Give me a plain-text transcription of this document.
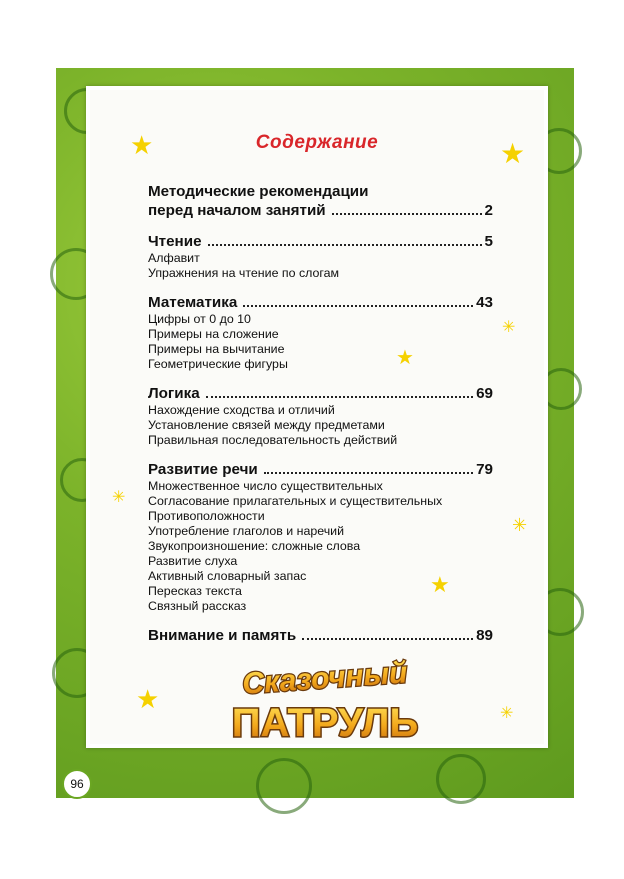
Содержание
★	★
✳
★
✳
✳
★
★	✳
Методические рекомендации
перед началом занятий	2
Чтение	5
Алфавит
Упражнения на чтение по слогам
Математика	43
Цифры от 0 до 10
Примеры на сложение
Примеры на вычитание
Геометрические фигуры
Логика	69
Нахождение сходства и отличий
Установление связей между предметами
Правильная последовательность действий
Развитие речи	79
Множественное число существительных
Согласование прилагательных и существительных
Противоположности
Употребление глаголов и наречий
Звукопроизношение: сложные слова
Развитие слуха
Активный словарный запас
Пересказ текста
Связный рассказ
Внимание и память	89
Сказочный
ПАТРУЛЬ
96
